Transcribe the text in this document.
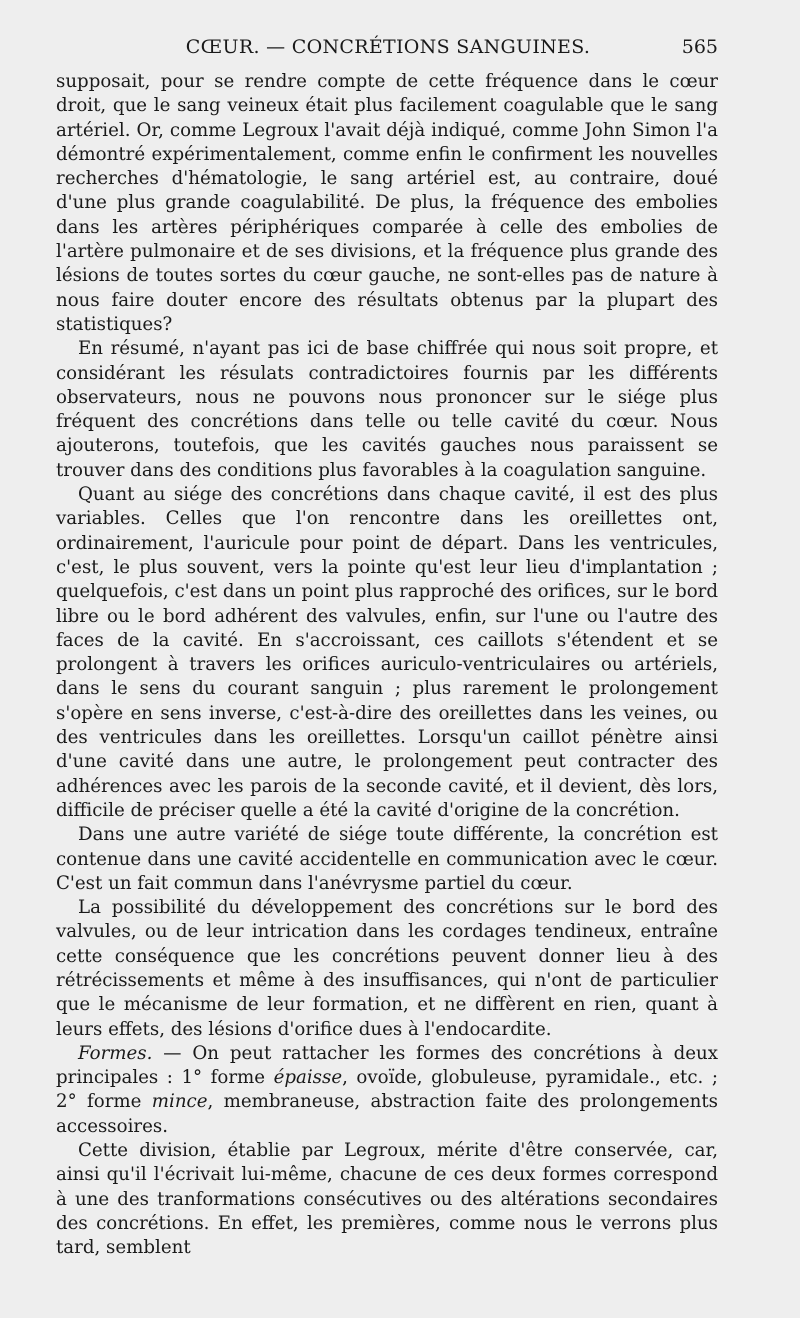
CŒUR. — CONCRÉTIONS SANGUINES.	565

supposait, pour se rendre compte de cette fréquence dans le cœur droit, que le sang veineux était plus facilement coagulable que le sang artériel. Or, comme Legroux l'avait déjà indiqué, comme John Simon l'a démontré expérimentalement, comme enfin le confirment les nouvelles recherches d'hématologie, le sang artériel est, au contraire, doué d'une plus grande coagulabilité. De plus, la fréquence des embolies dans les artères périphériques comparée à celle des embolies de l'artère pulmonaire et de ses divisions, et la fréquence plus grande des lésions de toutes sortes du cœur gauche, ne sont-elles pas de nature à nous faire douter encore des résultats obtenus par la plupart des statistiques?

En résumé, n'ayant pas ici de base chiffrée qui nous soit propre, et considérant les résulats contradictoires fournis par les différents observateurs, nous ne pouvons nous prononcer sur le siége plus fréquent des concrétions dans telle ou telle cavité du cœur. Nous ajouterons, toutefois, que les cavités gauches nous paraissent se trouver dans des conditions plus favorables à la coagulation sanguine.

Quant au siége des concrétions dans chaque cavité, il est des plus variables. Celles que l'on rencontre dans les oreillettes ont, ordinairement, l'auricule pour point de départ. Dans les ventricules, c'est, le plus souvent, vers la pointe qu'est leur lieu d'implantation ; quelquefois, c'est dans un point plus rapproché des orifices, sur le bord libre ou le bord adhérent des valvules, enfin, sur l'une ou l'autre des faces de la cavité. En s'accroissant, ces caillots s'étendent et se prolongent à travers les orifices auriculo-ventriculaires ou artériels, dans le sens du courant sanguin ; plus rarement le prolongement s'opère en sens inverse, c'est-à-dire des oreillettes dans les veines, ou des ventricules dans les oreillettes. Lorsqu'un caillot pénètre ainsi d'une cavité dans une autre, le prolongement peut contracter des adhérences avec les parois de la seconde cavité, et il devient, dès lors, difficile de préciser quelle a été la cavité d'origine de la concrétion.

Dans une autre variété de siége toute différente, la concrétion est contenue dans une cavité accidentelle en communication avec le cœur. C'est un fait commun dans l'anévrysme partiel du cœur.

La possibilité du développement des concrétions sur le bord des valvules, ou de leur intrication dans les cordages tendineux, entraîne cette conséquence que les concrétions peuvent donner lieu à des rétrécissements et même à des insuffisances, qui n'ont de particulier que le mécanisme de leur formation, et ne diffèrent en rien, quant à leurs effets, des lésions d'orifice dues à l'endocardite.

Formes. — On peut rattacher les formes des concrétions à deux principales : 1° forme épaisse, ovoïde, globuleuse, pyramidale., etc. ; 2° forme mince, membraneuse, abstraction faite des prolongements accessoires.

Cette division, établie par Legroux, mérite d'être conservée, car, ainsi qu'il l'écrivait lui-même, chacune de ces deux formes correspond à une des tranformations consécutives ou des altérations secondaires des concrétions. En effet, les premières, comme nous le verrons plus tard, semblent
